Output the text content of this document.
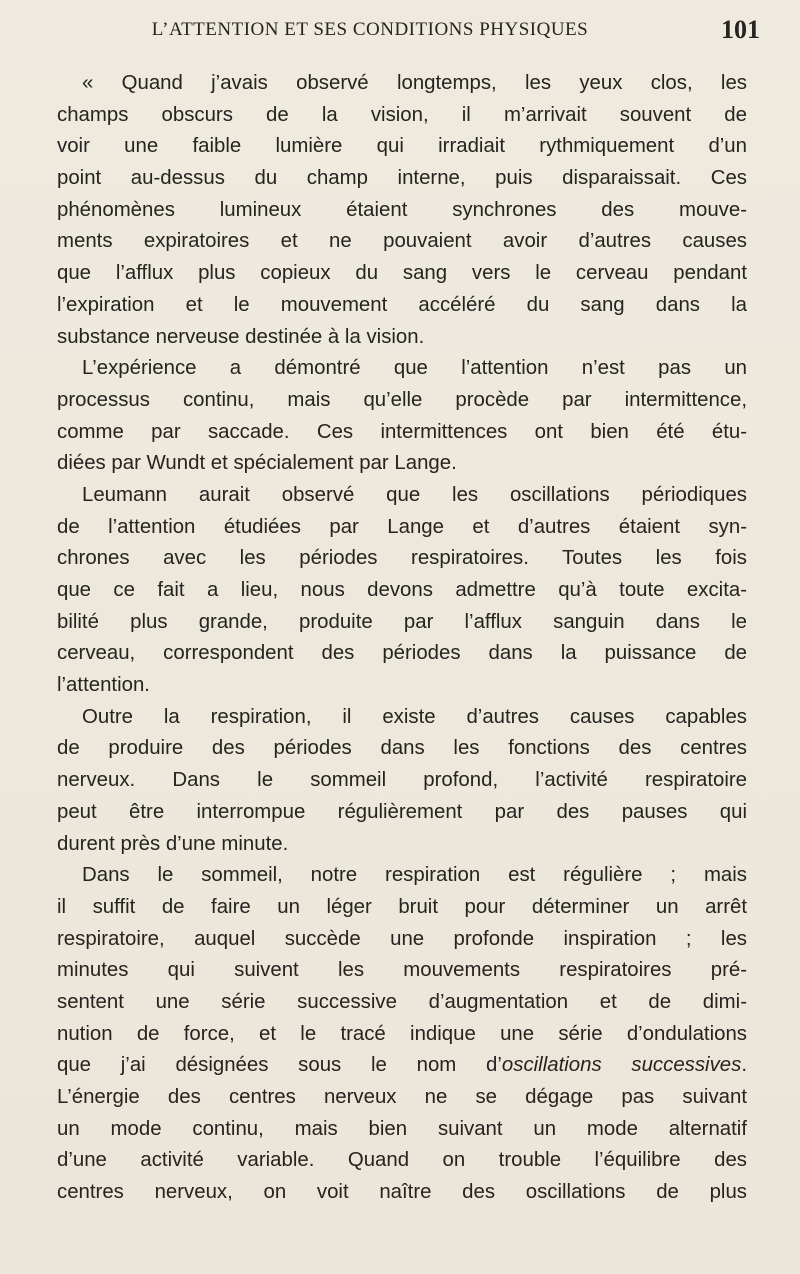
L’ATTENTION ET SES CONDITIONS PHYSIQUES	101
« Quand j’avais observé longtemps, les yeux clos, les
champs obscurs de la vision, il m’arrivait souvent de
voir une faible lumière qui irradiait rythmiquement d’un
point au-dessus du champ interne, puis disparaissait. Ces
phénomènes lumineux étaient synchrones des mouve-
ments expiratoires et ne pouvaient avoir d’autres causes
que l’afflux plus copieux du sang vers le cerveau pendant
l’expiration et le mouvement accéléré du sang dans la
substance nerveuse destinée à la vision.
L’expérience a démontré que l’attention n’est pas un
processus continu, mais qu’elle procède par intermittence,
comme par saccade. Ces intermittences ont bien été étu-
diées par Wundt et spécialement par Lange.
Leumann aurait observé que les oscillations périodiques
de l’attention étudiées par Lange et d’autres étaient syn-
chrones avec les périodes respiratoires. Toutes les fois
que ce fait a lieu, nous devons admettre qu’à toute excita-
bilité plus grande, produite par l’afflux sanguin dans le
cerveau, correspondent des périodes dans la puissance de
l’attention.
Outre la respiration, il existe d’autres causes capables
de produire des périodes dans les fonctions des centres
nerveux. Dans le sommeil profond, l’activité respiratoire
peut être interrompue régulièrement par des pauses qui
durent près d’une minute.
Dans le sommeil, notre respiration est régulière ; mais
il suffit de faire un léger bruit pour déterminer un arrêt
respiratoire, auquel succède une profonde inspiration ; les
minutes qui suivent les mouvements respiratoires pré-
sentent une série successive d’augmentation et de dimi-
nution de force, et le tracé indique une série d’ondulations
que j’ai désignées sous le nom d’oscillations successives.
L’énergie des centres nerveux ne se dégage pas suivant
un mode continu, mais bien suivant un mode alternatif
d’une activité variable. Quand on trouble l’équilibre des
centres nerveux, on voit naître des oscillations de plus
